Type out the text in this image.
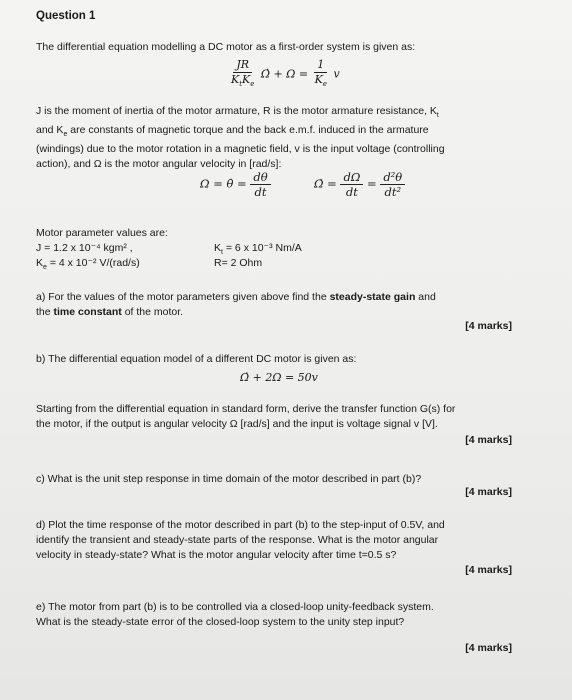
Question 1
The differential equation modelling a DC motor as a first-order system is given as:
$\frac{JR}{K_tK_e}$ Ω̇ + $\Omega = \frac{1}{K_e}$ v
J is the moment of inertia of the motor armature, R is the motor armature resistance, $K_t$
and $K_e$ are constants of magnetic torque and the back e.m.f. induced in the armature
(windings) due to the motor rotation in a magnetic field, v is the input voltage (controlling
action), and Ω is the motor angular velocity in [rad/s]:
Ω = θ̇ = $\frac{d\theta}{dt}$	Ω̇ = $\frac{d\Omega}{dt} = \frac{\text{d²θ}}{\text{dt²}}$
Motor parameter values are:
J = 1.2 x 10⁻⁴ kgm² ,
$K_e = 4$ x 10⁻² V/(rad/s)
$K_t = 6$ x 10⁻³ Nm/A
R= 2 Ohm
a) For the values of the motor parameters given above find the steady-state gain and
the time constant of the motor.
[4 marks]
b) The differential equation model of a different DC motor is given as:
Ω̇ + 2Ω = 50v
Starting from the differential equation in standard form, derive the transfer function G(s) for
the motor, if the output is angular velocity Ω [rad/s] and the input is voltage signal v [V].
[4 marks]
c) What is the unit step response in time domain of the motor described in part (b)?
[4 marks]
d) Plot the time response of the motor described in part (b) to the step-input of 0.5V, and
identify the transient and steady-state parts of the response. What is the motor angular
velocity in steady-state? What is the motor angular velocity after time t=0.5 s?
[4 marks]
e) The motor from part (b) is to be controlled via a closed-loop unity-feedback system.
What is the steady-state error of the closed-loop system to the unity step input?
[4 marks]
